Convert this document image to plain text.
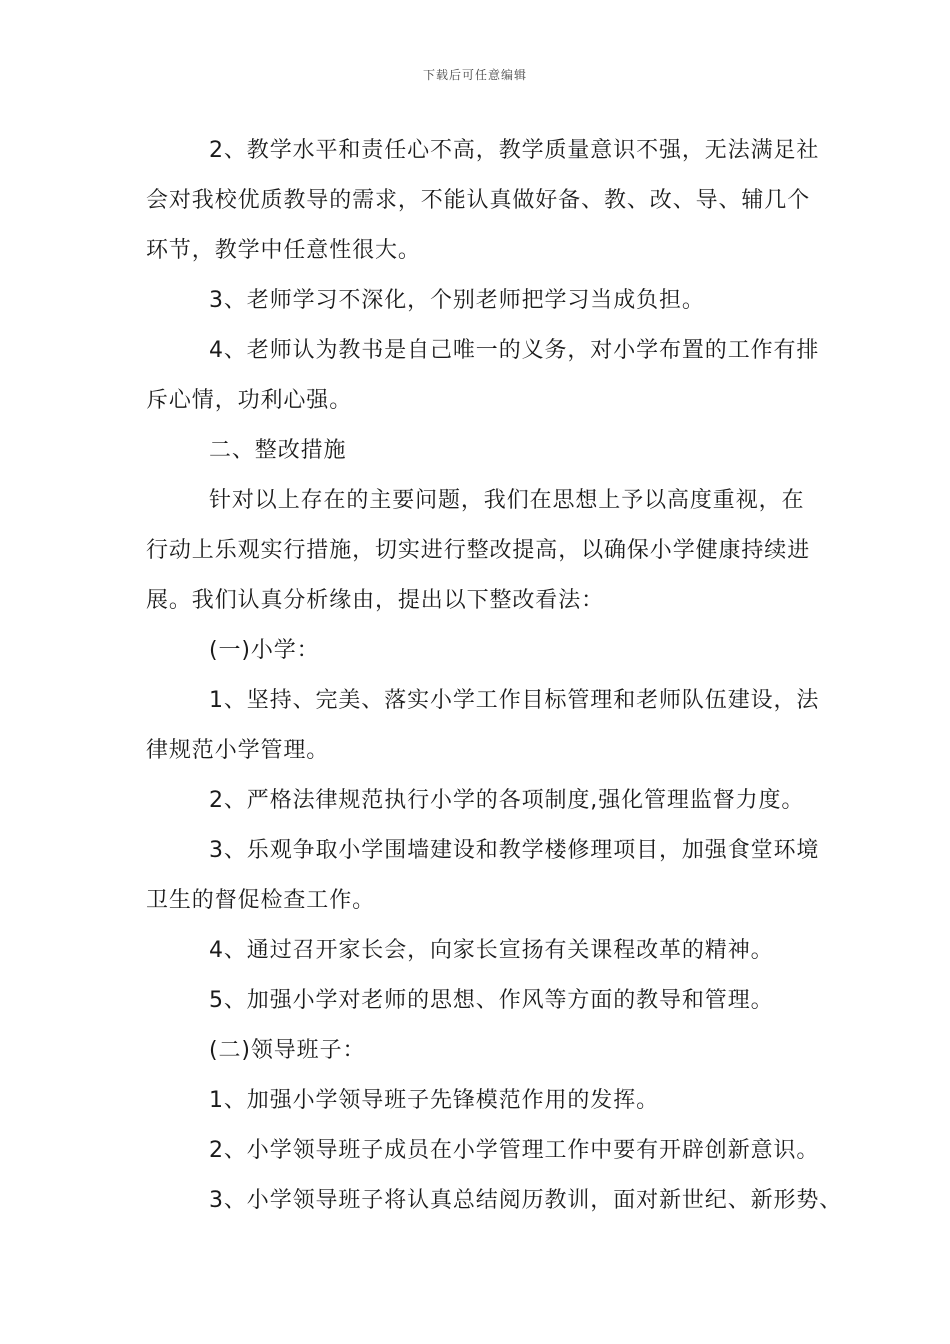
下载后可任意编辑
2、教学水平和责任心不高，教学质量意识不强，无法满足社
会对我校优质教导的需求，不能认真做好备、教、改、导、辅几个
环节，教学中任意性很大。
3、老师学习不深化，个别老师把学习当成负担。
4、老师认为教书是自己唯一的义务，对小学布置的工作有排
斥心情，功利心强。
二、整改措施
针对以上存在的主要问题，我们在思想上予以高度重视，在
行动上乐观实行措施，切实进行整改提高，以确保小学健康持续进
展。我们认真分析缘由，提出以下整改看法：
(一)小学：
1、坚持、完美、落实小学工作目标管理和老师队伍建设，法
律规范小学管理。
2、严格法律规范执行小学的各项制度,强化管理监督力度。
3、乐观争取小学围墙建设和教学楼修理项目，加强食堂环境
卫生的督促检查工作。
4、通过召开家长会，向家长宣扬有关课程改革的精神。
5、加强小学对老师的思想、作风等方面的教导和管理。
(二)领导班子：
1、加强小学领导班子先锋模范作用的发挥。
2、小学领导班子成员在小学管理工作中要有开辟创新意识。
3、小学领导班子将认真总结阅历教训，面对新世纪、新形势、
